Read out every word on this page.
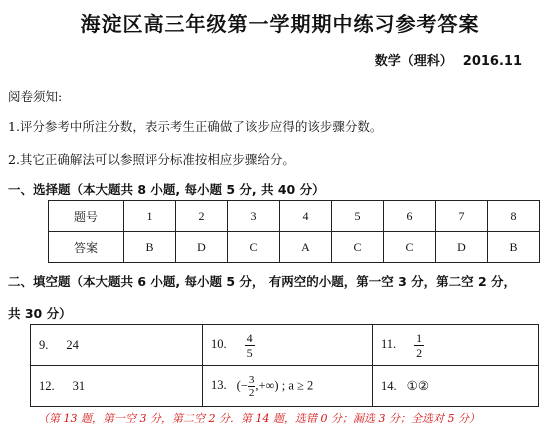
海淀区高三年级第一学期期中练习参考答案
数学（理科） 2016.11
阅卷须知:
1.评分参考中所注分数，表示考生正确做了该步应得的该步骤分数。
2.其它正确解法可以参照评分标准按相应步骤给分。
一、选择题（本大题共 8 小题, 每小题 5 分, 共 40 分）
题号	1	2	3	4	5	6	7	8
答案	B	D	C	A	C	C	D	B
二、填空题（本大题共 6 小题, 每小题 5 分， 有两空的小题，第一空 3 分，第二空 2 分，
共 30 分）
9. 24	10. $\frac{4}{5}$	11. $\frac{1}{2}$

12. 31	13. (− $\frac{3}{2}$ ,+∞) ; a ≥ 2	14. ①②
（第 13 题，第一空 3 分，第二空 2 分．第 14 题，选错 0 分；漏选 3 分；全选对 5 分）
